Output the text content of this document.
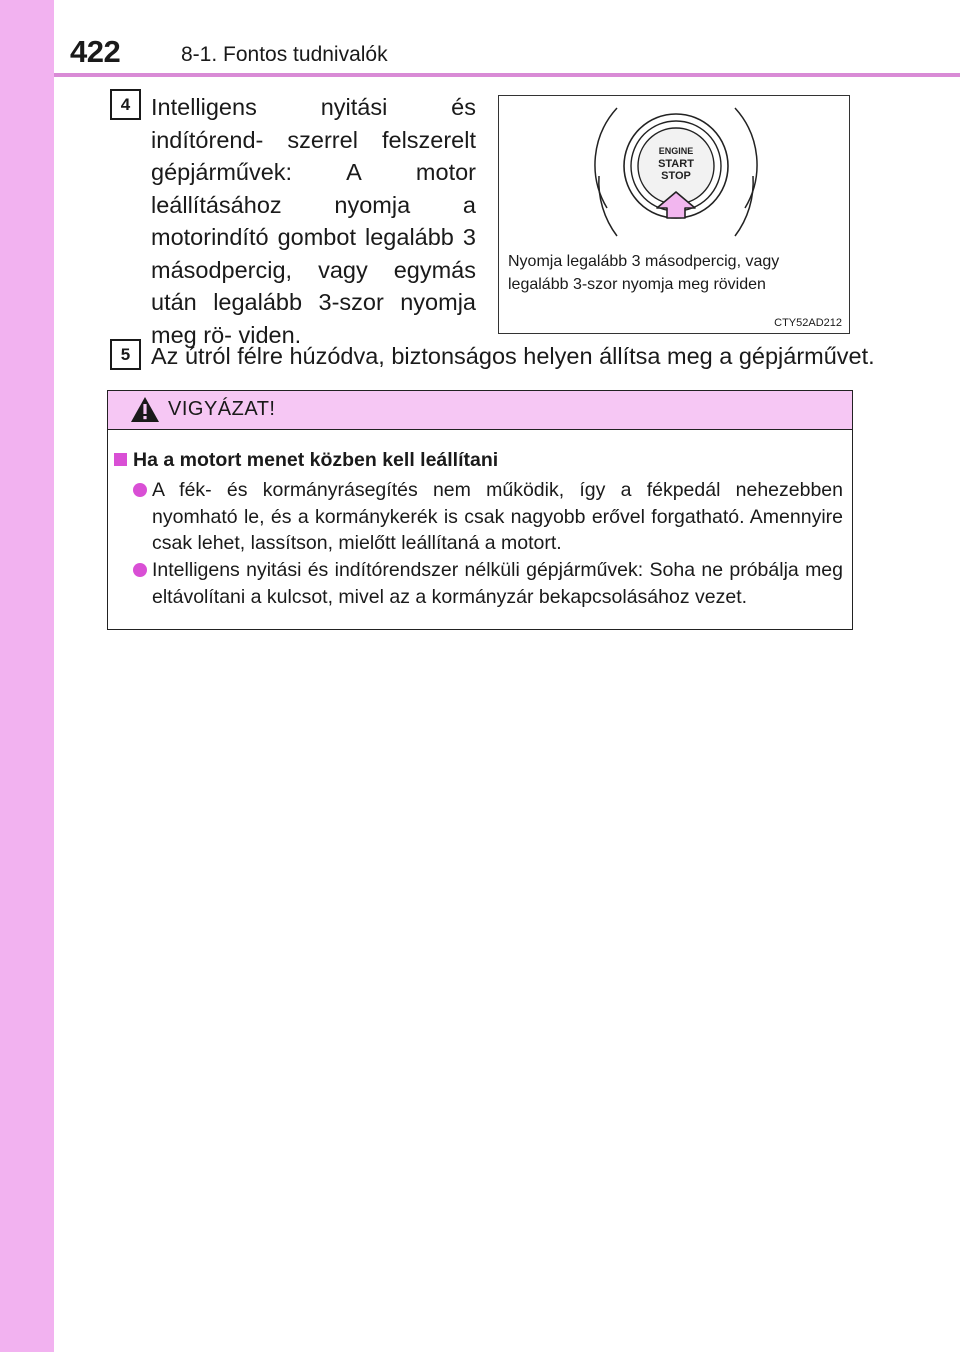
422	8-1. Fontos tudnivalók
4 Intelligens nyitási és indítórend- szerrel felszerelt gépjárművek: A motor leállításához nyomja a motorindító gombot legalább 3 másodpercig, vagy egymás után legalább 3-szor nyomja meg rö- viden.
ENGINE
START
STOP
Nyomja legalább 3 másodpercig, vagy legalább 3-szor nyomja meg röviden
CTY52AD212
5 Az útról félre húzódva, biztonságos helyen állítsa meg a gépjárművet.
VIGYÁZAT!
Ha a motort menet közben kell leállítani
A fék- és kormányrásegítés nem működik, így a fékpedál nehezebben nyomható le, és a kormánykerék is csak nagyobb erővel forgatható. Amennyire csak lehet, lassítson, mielőtt leállítaná a motort.
Intelligens nyitási és indítórendszer nélküli gépjárművek: Soha ne próbálja meg eltávolítani a kulcsot, mivel az a kormányzár bekapcsolásához vezet.
